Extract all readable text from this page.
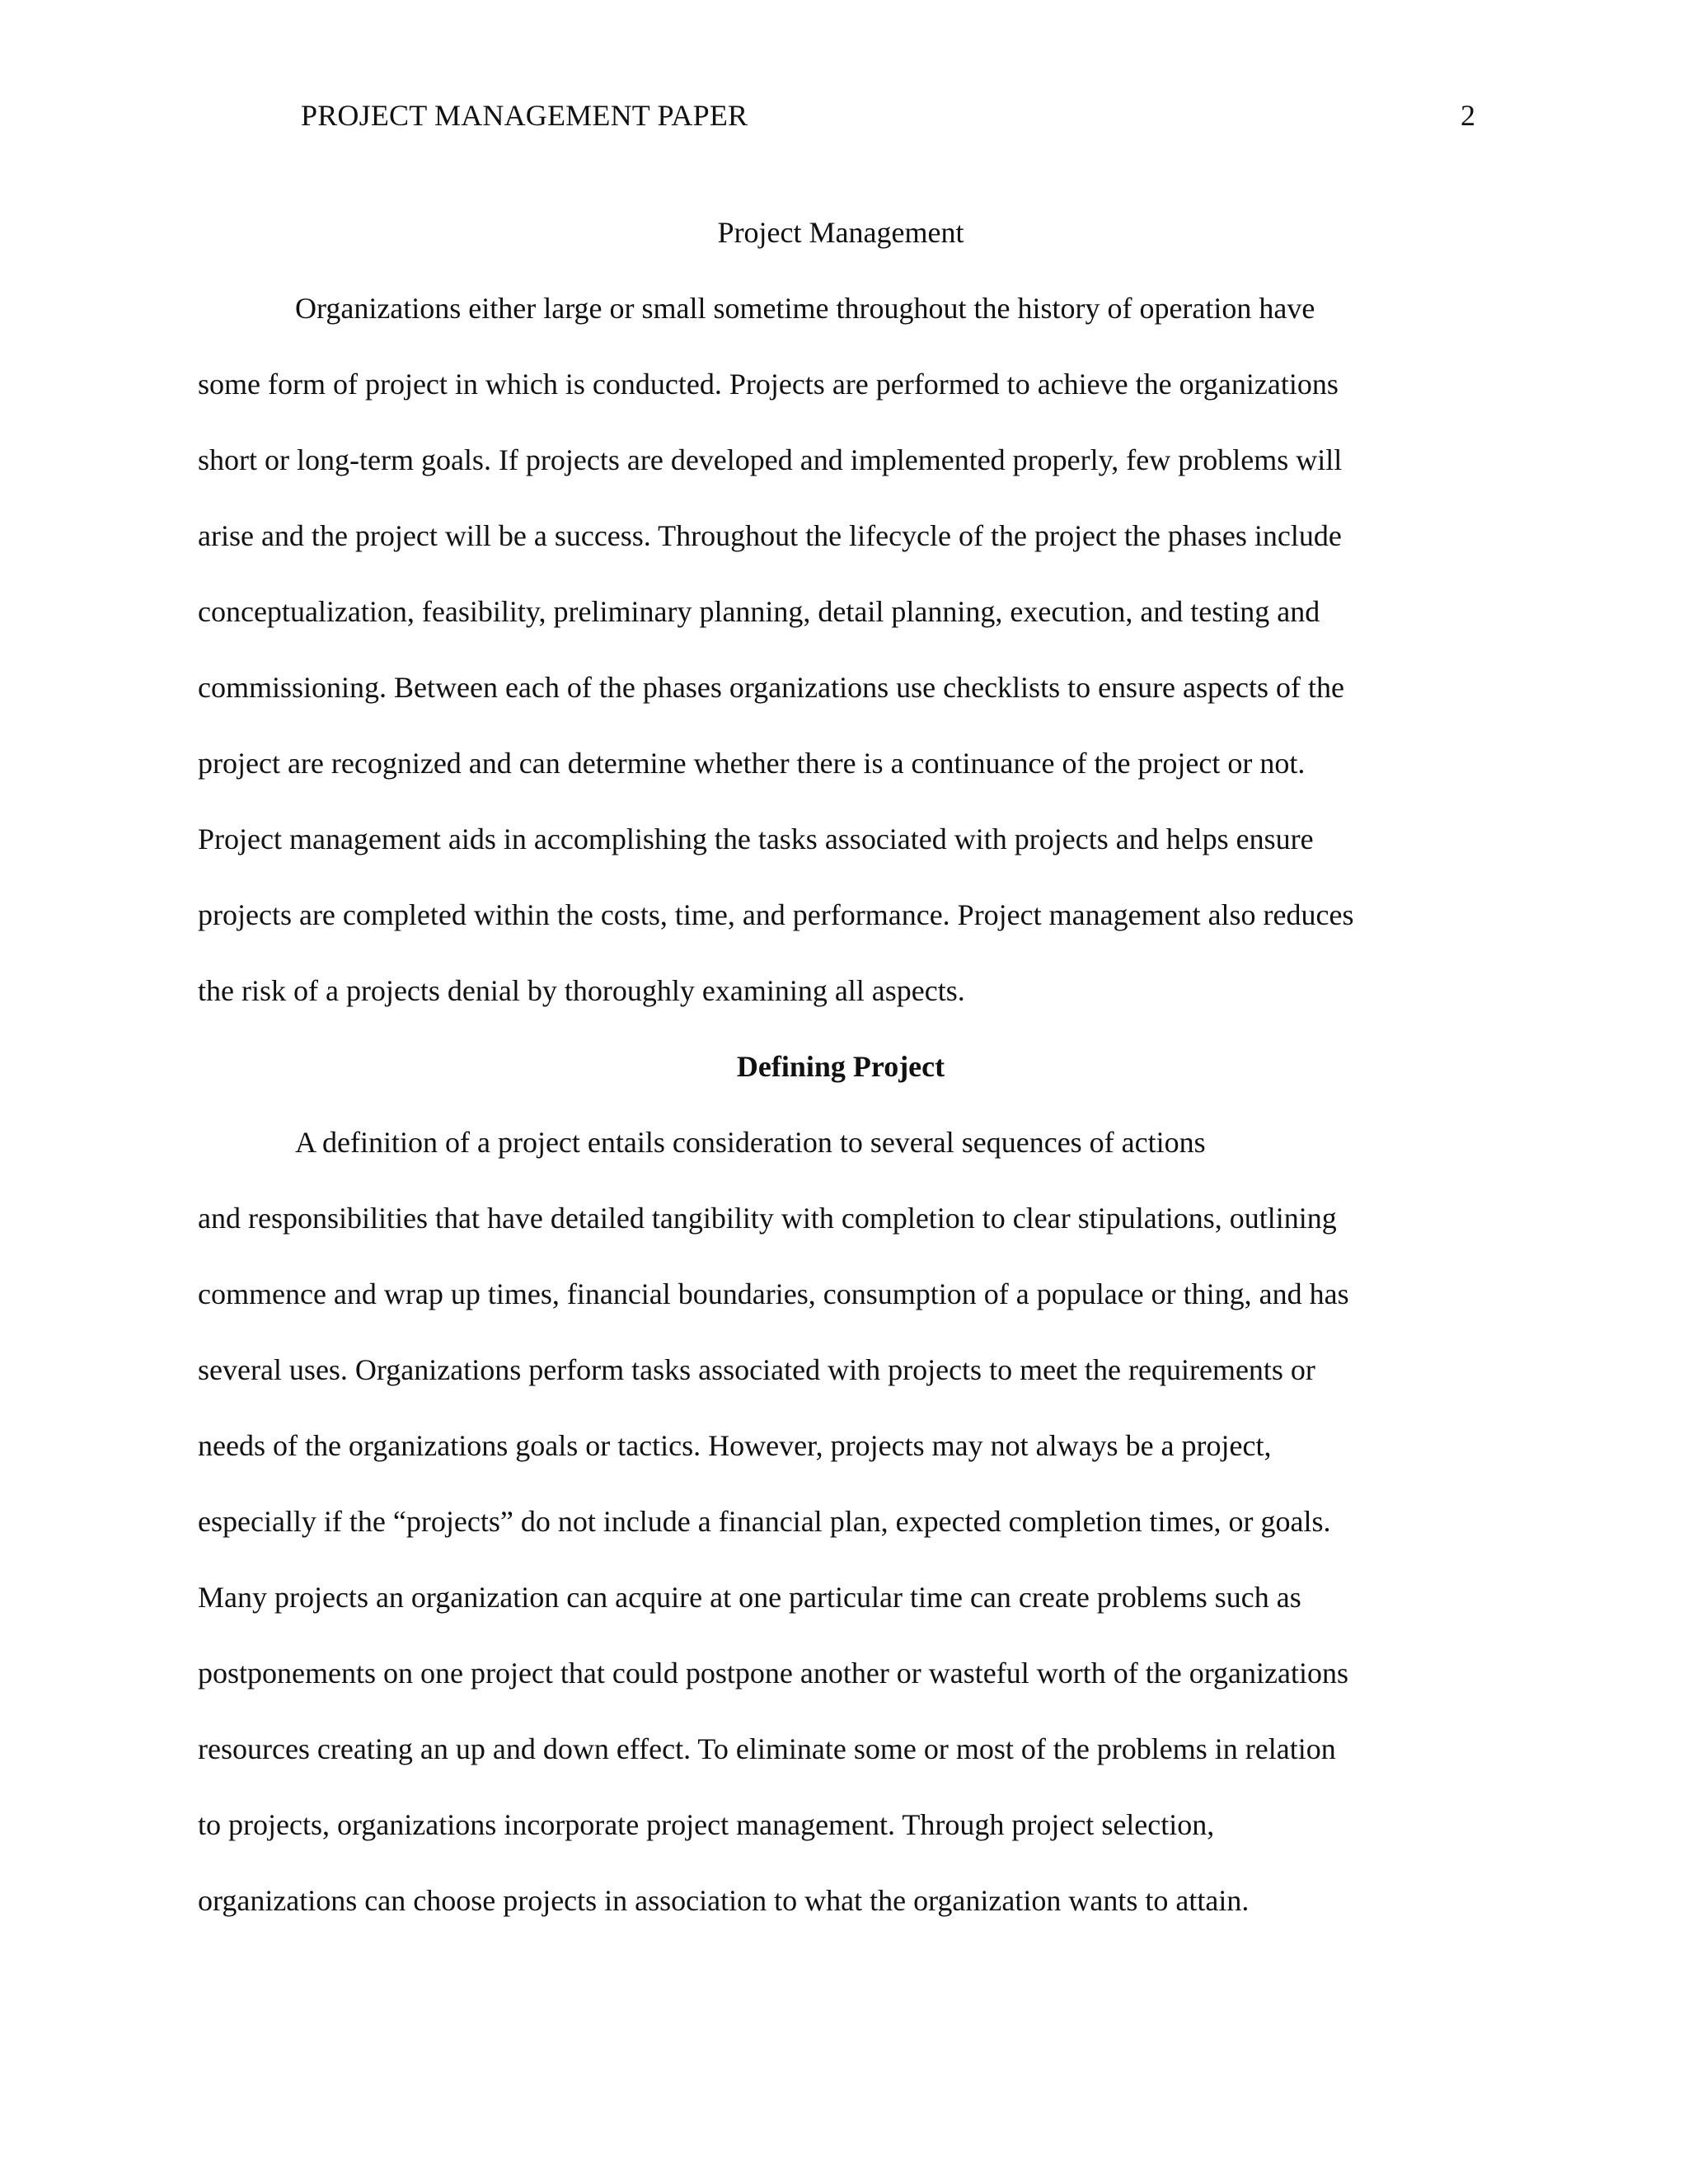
PROJECT MANAGEMENT PAPER	2
Project Management

Organizations either large or small sometime throughout the history of operation have

some form of project in which is conducted. Projects are performed to achieve the organizations

short or long-term goals. If projects are developed and implemented properly, few problems will

arise and the project will be a success. Throughout the lifecycle of the project the phases include

conceptualization, feasibility, preliminary planning, detail planning, execution, and testing and

commissioning. Between each of the phases organizations use checklists to ensure aspects of the

project are recognized and can determine whether there is a continuance of the project or not.

Project management aids in accomplishing the tasks associated with projects and helps ensure

projects are completed within the costs, time, and performance. Project management also reduces

the risk of a projects denial by thoroughly examining all aspects.

Defining Project

A definition of a project entails consideration to several sequences of actions

and responsibilities that have detailed tangibility with completion to clear stipulations, outlining

commence and wrap up times, financial boundaries, consumption of a populace or thing, and has

several uses. Organizations perform tasks associated with projects to meet the requirements or

needs of the organizations goals or tactics. However, projects may not always be a project,

especially if the “projects” do not include a financial plan, expected completion times, or goals.

Many projects an organization can acquire at one particular time can create problems such as

postponements on one project that could postpone another or wasteful worth of the organizations

resources creating an up and down effect. To eliminate some or most of the problems in relation

to projects, organizations incorporate project management. Through project selection,

organizations can choose projects in association to what the organization wants to attain.
